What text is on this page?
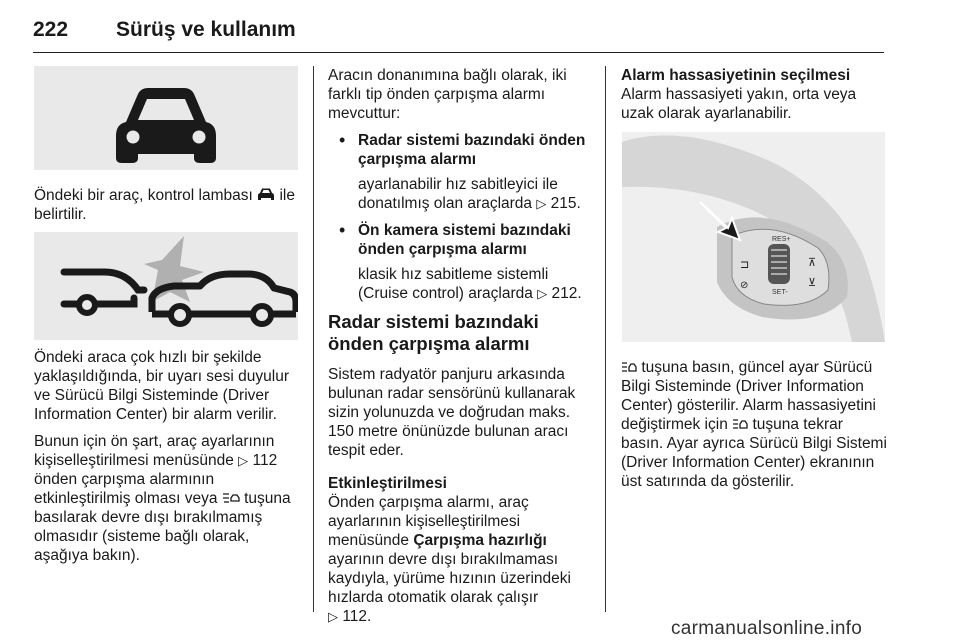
222 Sürüş ve kullanım

Öndeki bir araç, kontrol lambası ile belirtilir.

Öndeki araca çok hızlı bir şekilde yaklaşıldığında, bir uyarı sesi duyulur ve Sürücü Bilgi Sisteminde (Driver Information Center) bir alarm verilir.

Bunun için ön şart, araç ayarlarının kişiselleştirilmesi menüsünde ▷ 112 önden çarpışma alarmının etkinleştirilmiş olması veya tuşuna basılarak devre dışı bırakılmamış olmasıdır (sisteme bağlı olarak, aşağıya bakın).

Aracın donanımına bağlı olarak, iki farklı tip önden çarpışma alarmı mevcuttur:

• Radar sistemi bazındaki önden çarpışma alarmı
ayarlanabilir hız sabitleyici ile donatılmış olan araçlarda ▷ 215.
• Ön kamera sistemi bazındaki önden çarpışma alarmı
klasik hız sabitleme sistemli (Cruise control) araçlarda ▷ 212.
Radar sistemi bazındaki önden çarpışma alarmı

Sistem radyatör panjuru arkasında bulunan radar sensörünü kullanarak sizin yolunuzda ve doğrudan maks. 150 metre önünüzde bulunan aracı tespit eder.

Etkinleştirilmesi

Önden çarpışma alarmı, araç ayarlarının kişiselleştirilmesi menüsünde Çarpışma hazırlığı ayarının devre dışı bırakılmaması kaydıyla, yürüme hızının üzerindeki hızlarda otomatik olarak çalışır
▷ 112.

Alarm hassasiyetinin seçilmesi

Alarm hassasiyeti yakın, orta veya uzak olarak ayarlanabilir.

RES+
SET-
⊐
⊘
⊼
⊻

tuşuna basın, güncel ayar Sürücü Bilgi Sisteminde (Driver Information Center) gösterilir. Alarm hassasiyetini değiştirmek için tuşuna tekrar basın. Ayar ayrıca Sürücü Bilgi Sistemi (Driver Information Center) ekranının üst satırında da gösterilir.

carmanualsonline.info
